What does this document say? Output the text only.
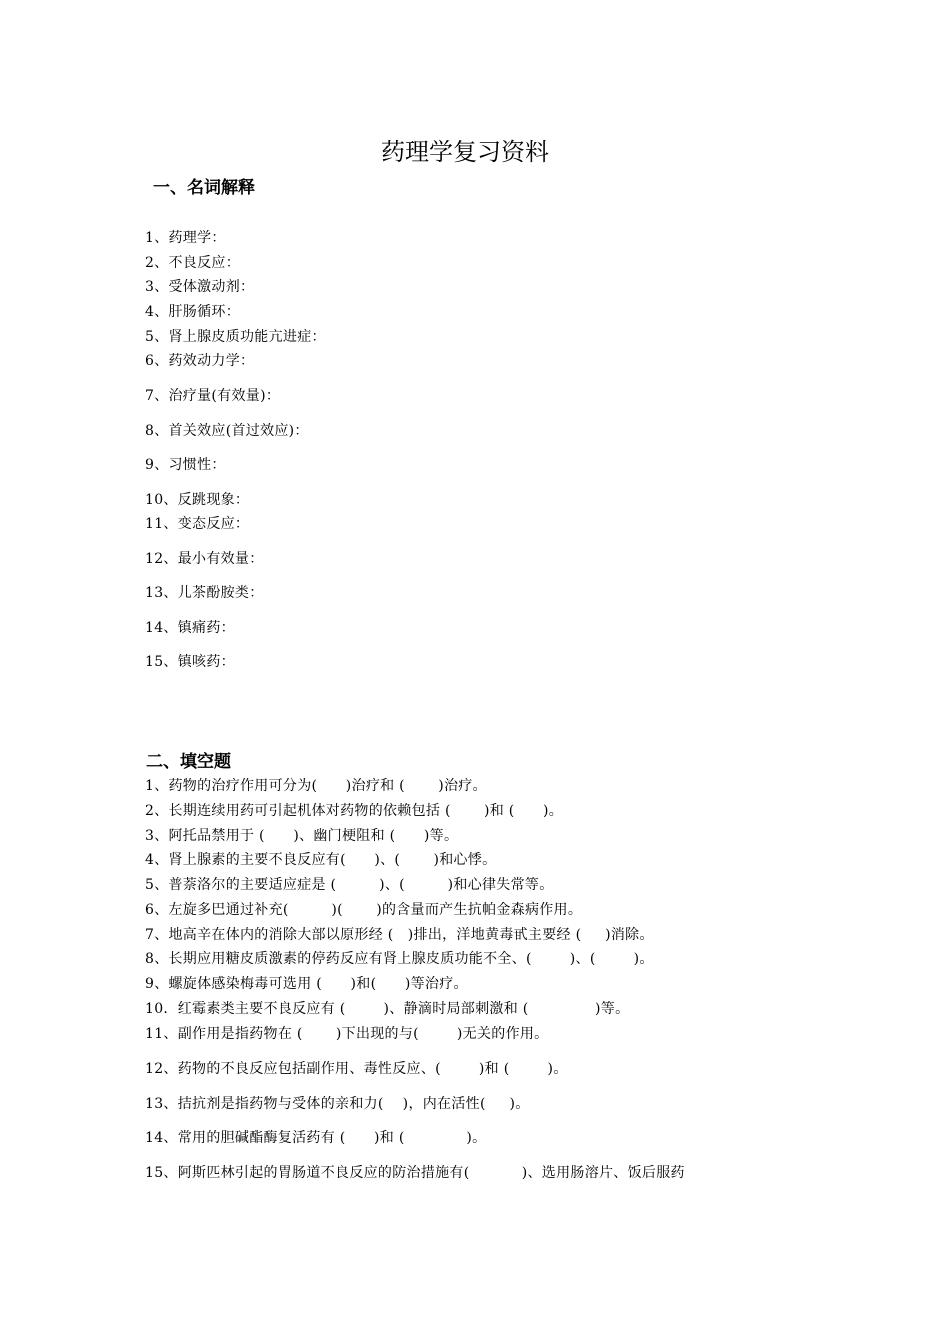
药理学复习资料
一、名词解释
1、药理学：
2、不良反应：
3、受体激动剂：
4、肝肠循环：
5、肾上腺皮质功能亢进症：
6、药效动力学：
7、治疗量(有效量)：
8、首关效应(首过效应)：
9、习惯性：
10、反跳现象：
11、变态反应：
12、最小有效量：
13、儿茶酚胺类：
14、镇痛药：
15、镇咳药：
二、填空题
1、药物的治疗作用可分为(      )治疗和 (       )治疗。
2、长期连续用药可引起机体对药物的依赖包括 (       )和 (      )。
3、阿托品禁用于 (      )、幽门梗阻和 (      )等。
4、肾上腺素的主要不良反应有(      )、(       )和心悸。
5、普萘洛尔的主要适应症是 (         )、(         )和心律失常等。
6、左旋多巴通过补充(         )(       )的含量而产生抗帕金森病作用。
7、地高辛在体内的消除大部以原形经 (   )排出，洋地黄毒甙主要经 (     )消除。
8、长期应用糖皮质激素的停药反应有肾上腺皮质功能不全、(        )、(        )。
9、螺旋体感染梅毒可选用 (      )和(      )等治疗。
10．红霉素类主要不良反应有 (        )、静滴时局部刺激和 (              )等。
11、副作用是指药物在 (       )下出现的与(        )无关的作用。
12、药物的不良反应包括副作用、毒性反应、(        )和 (        )。
13、拮抗剂是指药物与受体的亲和力(    )，内在活性(     )。
14、常用的胆碱酯酶复活药有 (      )和 (             )。
15、阿斯匹林引起的胃肠道不良反应的防治措施有(           )、选用肠溶片、饭后服药
